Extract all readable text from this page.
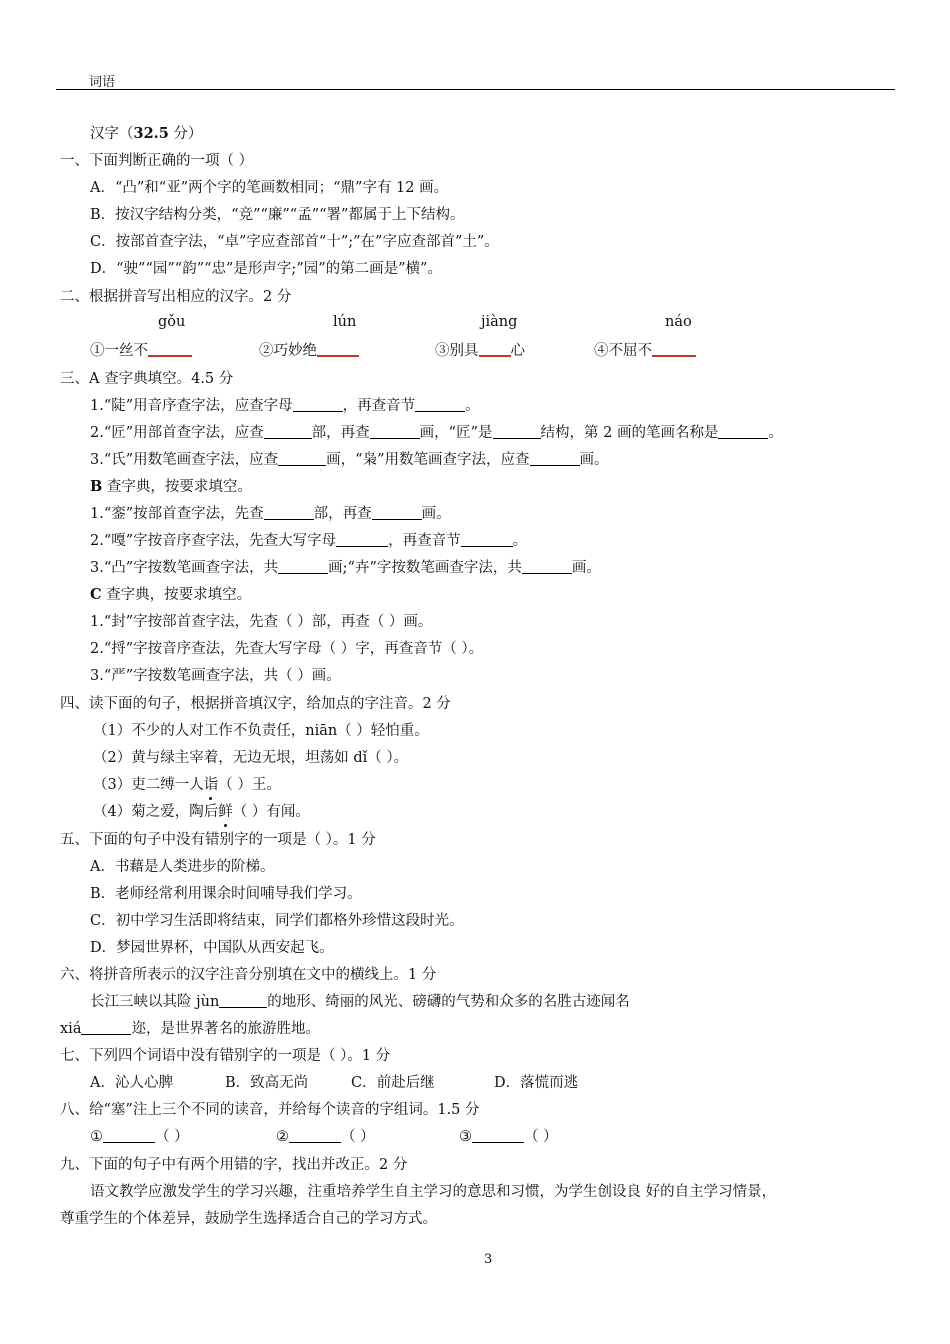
词语
汉字（32.5 分）
一、下面判断正确的一项（ ）
A．“凸”和“亚”两个字的笔画数相同；“鼎”字有 12 画。
B．按汉字结构分类，“竞”“廉”“孟”“署”都属于上下结构。
C．按部首查字法，“卓”字应查部首“十”;”在”字应查部首”土”。
D．“驶”“园”“韵”“忠”是形声字;”园”的第二画是”横”。
二、根据拼音写出相应的汉字。2 分
gǒu	lún	jiàng	náo
①一丝不	②巧妙绝	③别具 心	④不屈不
三、A 查字典填空。4.5 分
1.“陡”用音序查字法，应查字母	，再查音节	。
2.“匠”用部首查字法，应查	部，再查	画，“匠”是	结构，第 2 画的笔画名称是	。
3.“氏”用数笔画查字法，应查	画，“枭”用数笔画查字法，应查	画。
B 查字典，按要求填空。
1.“銮”按部首查字法，先查	部，再查	画。
2.“嘎”字按音序查字法，先查大写字母	，再查音节	。
3.“凸”字按数笔画查字法，共	画;“卉”字按数笔画查字法，共	画。
C 查字典，按要求填空。
1.“封”字按部首查字法，先查（ ）部，再查（ ）画。
2.“捋”字按音序查法，先查大写字母（ ）字，再查音节（ ）。
3.“严”字按数笔画查字法，共（ ）画。
四、读下面的句子，根据拼音填汉字，给加点的字注音。2 分
（1）不少的人对工作不负责任，niān（ ）轻怕重。
（2）黄与绿主宰着，无边无垠，坦荡如 dǐ（ ）。
（3）吏二缚一人诣（ ）王。
（4）菊之爱，陶后鲜（ ）有闻。
五、下面的句子中没有错别字的一项是（ ）。1 分
A．书藉是人类进步的阶梯。
B．老师经常利用课余时间哺导我们学习。
C．初中学习生活即将结束，同学们都格外珍惜这段时光。
D．梦园世界杯，中国队从西安起飞。
六、将拼音所表示的汉字注音分别填在文中的横线上。1 分
长江三峡以其险 jùn	的地形、绮丽的风光、磅礴的气势和众多的名胜古迹闻名
xiá	迩，是世界著名的旅游胜地。
七、下列四个词语中没有错别字的一项是（ ）。1 分
A．沁人心脾	B．致高无尚	C．前赴后继	D．落慌而逃
八、给“塞”注上三个不同的读音，并给每个读音的字组词。1.5 分
①	（ ）	②	（ ）	③	（ ）
九、下面的句子中有两个用错的字，找出并改正。2 分
语文教学应激发学生的学习兴趣，注重培养学生自主学习的意思和习惯，为学生创设良 好的自主学习情景，
尊重学生的个体差异，鼓励学生选择适合自己的学习方式。
3
